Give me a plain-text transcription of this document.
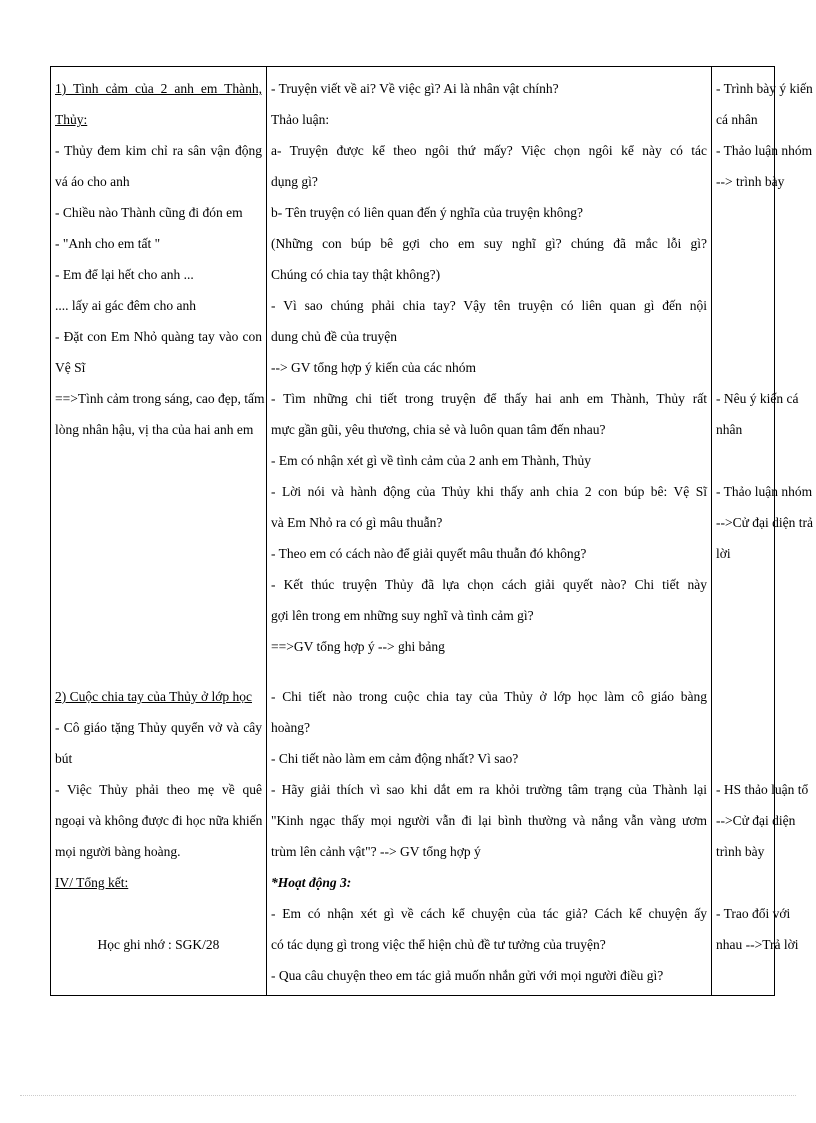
1) Tình cảm của 2 anh em Thành,
Thủy:
- Thủy đem kim chỉ ra sân vận động
vá áo cho anh
- Chiều nào Thành cũng đi đón em
- "Anh cho em tất "
- Em để lại hết cho anh ...
.... lấy ai gác đêm cho anh
- Đặt con Em Nhỏ quàng tay vào con
Vệ Sĩ
==>Tình cảm trong sáng, cao đẹp, tấm
lòng nhân hậu, vị tha của hai anh em
2) Cuộc chia tay của Thủy ở lớp học
- Cô giáo tặng Thủy quyển vở và cây
bút
- Việc Thủy phải theo mẹ về quê
ngoại và không được đi học nữa khiến
mọi người bàng hoàng.
IV/ Tổng kết:
Học ghi nhớ : SGK/28
- Truyện viết về ai? Về việc gì? Ai là nhân vật chính?
Thảo luận:
a- Truyện được kể theo ngôi thứ mấy? Việc chọn ngôi kể này có tác
dụng gì?
b- Tên truyện có liên quan đến ý nghĩa của truyện không?
(Những con búp bê gợi cho em suy nghĩ gì? chúng đã mắc lỗi gì?
Chúng có chia tay thật không?)
- Vì sao chúng phải chia tay? Vậy tên truyện có liên quan gì đến nội
dung chủ đề của truyện
--> GV tổng hợp ý kiến của các nhóm
- Tìm những chi tiết trong truyện để thấy hai anh em Thành, Thủy rất
mực gần gũi, yêu thương, chia sẻ và luôn quan tâm đến nhau?
- Em có nhận xét gì về tình cảm của 2 anh em Thành, Thủy
- Lời nói và hành động của Thủy khi thấy anh chia 2 con búp bê: Vệ Sĩ
và Em Nhỏ ra có gì mâu thuẫn?
- Theo em có cách nào để giải quyết mâu thuẫn đó không?
- Kết thúc truyện Thủy đã lựa chọn cách giải quyết nào? Chi tiết này
gợi lên trong em những suy nghĩ và tình cảm gì?
==>GV tổng hợp ý --> ghi bảng
- Chi tiết nào trong cuộc chia tay của Thủy ở lớp học làm cô giáo bàng
hoàng?
- Chi tiết nào làm em cảm động nhất? Vì sao?
- Hãy giải thích vì sao khi dắt em ra khỏi trường tâm trạng của Thành lại
"Kinh ngạc thấy mọi người vẫn đi lại bình thường và nắng vẫn vàng ươm
trùm lên cảnh vật"? --> GV tổng hợp ý
*Hoạt động 3:
- Em có nhận xét gì về cách kể chuyện của tác giả? Cách kể chuyện ấy
có tác dụng gì trong việc thể hiện chủ đề tư tưởng của truyện?
- Qua câu chuyện theo em tác giả muốn nhắn gửi với mọi người điều gì?
- Trình bày ý kiến
cá nhân
- Thảo luận nhóm
--> trình bày
- Nêu ý kiến cá
nhân
- Thảo luận nhóm
-->Cử đại diện trả
lời
- HS thảo luận tổ
-->Cử đại diện
trình bày
- Trao đổi với
nhau -->Trả lời
